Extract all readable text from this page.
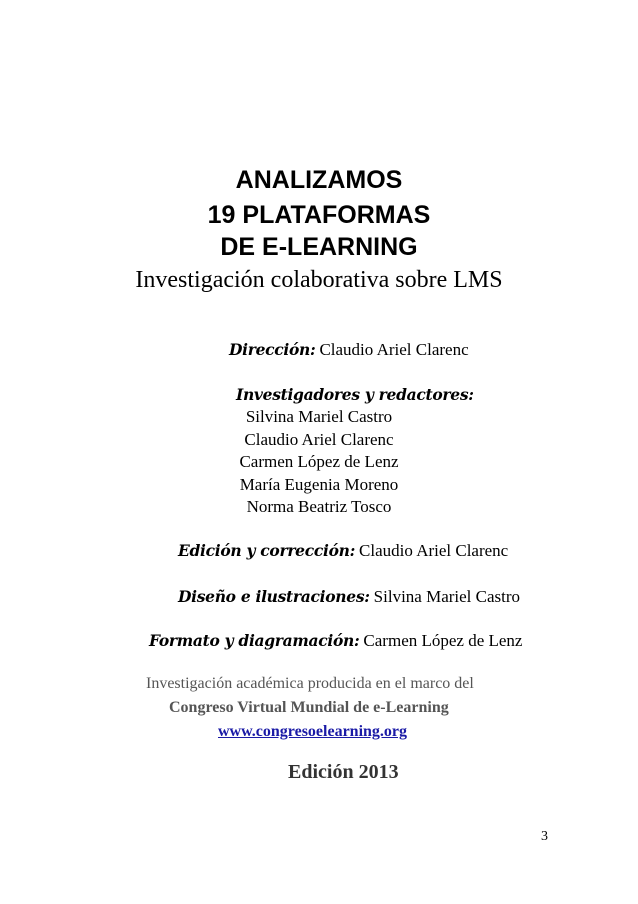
ANALIZAMOS
19 PLATAFORMAS
DE E-LEARNING
Investigación colaborativa sobre LMS
Dirección: Claudio Ariel Clarenc
Investigadores y redactores:
Silvina Mariel Castro
Claudio Ariel Clarenc
Carmen López de Lenz
María Eugenia Moreno
Norma Beatriz Tosco
Edición y corrección: Claudio Ariel Clarenc
Diseño e ilustraciones: Silvina Mariel Castro
Formato y diagramación: Carmen López de Lenz
Investigación académica producida en el marco del
Congreso Virtual Mundial de e-Learning
www.congresoelearning.org
Edición 2013
3
